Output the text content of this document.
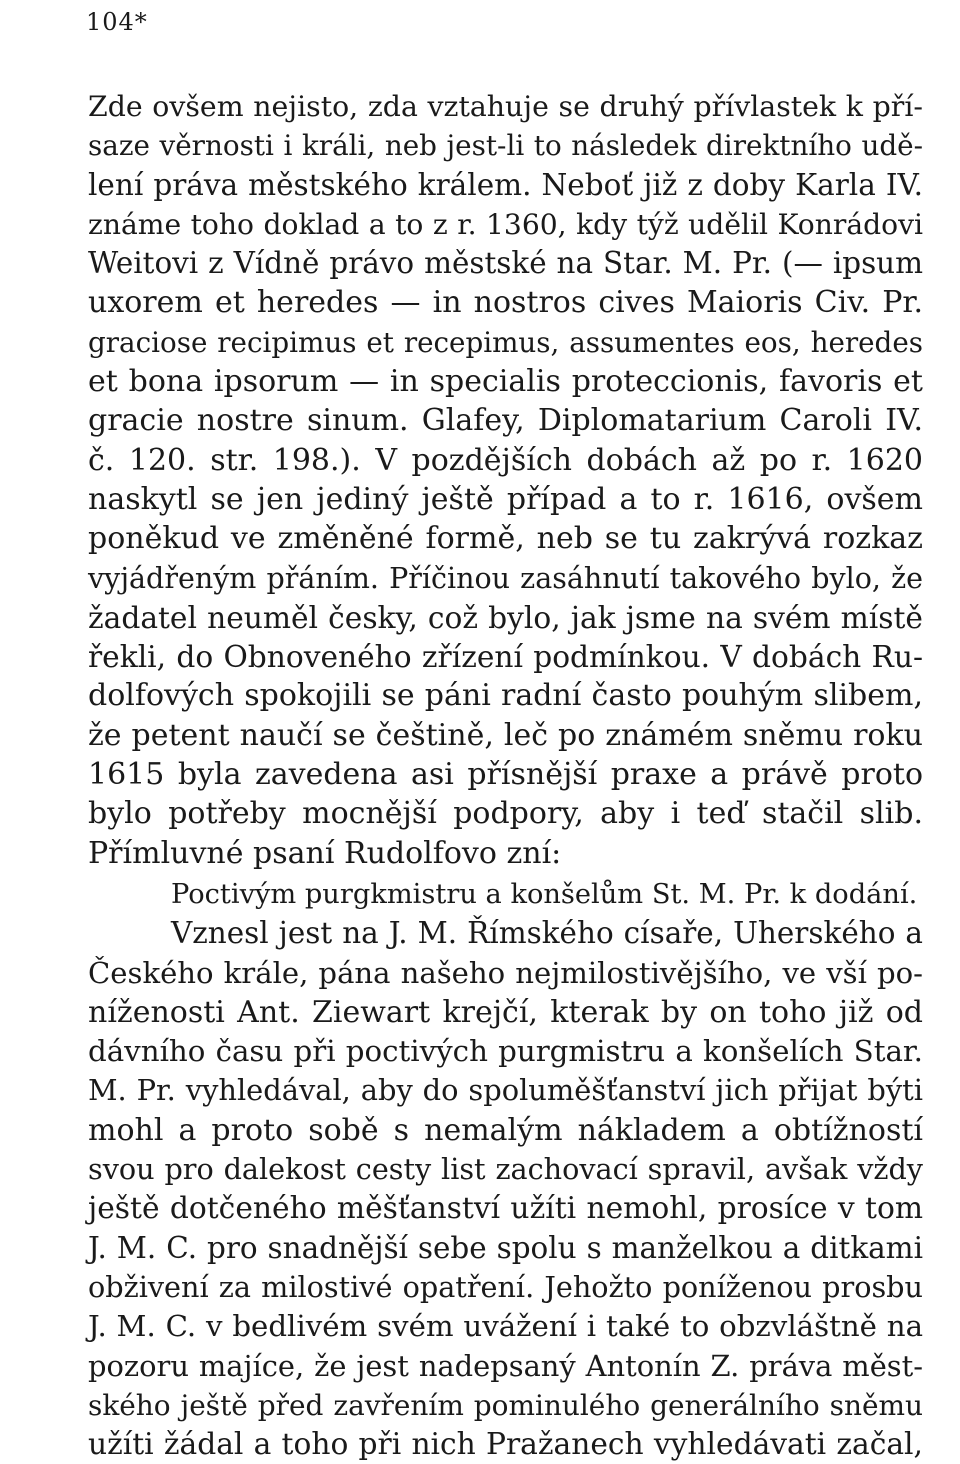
104*
Zde ovšem nejisto, zda vztahuje se druhý přívlastek k pří-
saze věrnosti i králi, neb jest-li to následek direktního udě-
lení práva městského králem. Neboť již z doby Karla IV.
známe toho doklad a to z r. 1360, kdy týž udělil Konrádovi
Weitovi z Vídně právo městské na Star. M. Pr. (— ipsum
uxorem et heredes — in nostros cives Maioris Civ. Pr.
graciose recipimus et recepimus, assumentes eos, heredes
et bona ipsorum — in specialis proteccionis, favoris et
gracie nostre sinum. Glafey, Diplomatarium Caroli IV.
č. 120. str. 198.). V pozdějších dobách až po r. 1620
naskytl se jen jediný ještě případ a to r. 1616, ovšem
poněkud ve změněné formě, neb se tu zakrývá rozkaz
vyjádřeným přáním. Příčinou zasáhnutí takového bylo, že
žadatel neuměl česky, což bylo, jak jsme na svém místě
řekli, do Obnoveného zřízení podmínkou. V dobách Ru-
dolfových spokojili se páni radní často pouhým slibem,
že petent naučí se češtině, leč po známém sněmu roku
1615 byla zavedena asi přísnější praxe a právě proto
bylo potřeby mocnější podpory, aby i teď stačil slib.
Přímluvné psaní Rudolfovo zní:
Poctivým purgkmistru a konšelům St. M. Pr. k dodání.
Vznesl jest na J. M. Římského císaře, Uherského a
Českého krále, pána našeho nejmilostivějšího, ve vší po-
níženosti Ant. Ziewart krejčí, kterak by on toho již od
dávního času při poctivých purgmistru a konšelích Star.
M. Pr. vyhledával, aby do spoluměšťanství jich přijat býti
mohl a proto sobě s nemalým nákladem a obtížností
svou pro dalekost cesty list zachovací spravil, avšak vždy
ještě dotčeného měšťanství užíti nemohl, prosíce v tom
J. M. C. pro snadnější sebe spolu s manželkou a ditkami
obživení za milostivé opatření. Jehožto poníženou prosbu
J. M. C. v bedlivém svém uvážení i také to obzvláštně na
pozoru majíce, že jest nadepsaný Antonín Z. práva měst-
ského ještě před zavřením pominulého generálního sněmu
užíti žádal a toho při nich Pražanech vyhledávati začal,
